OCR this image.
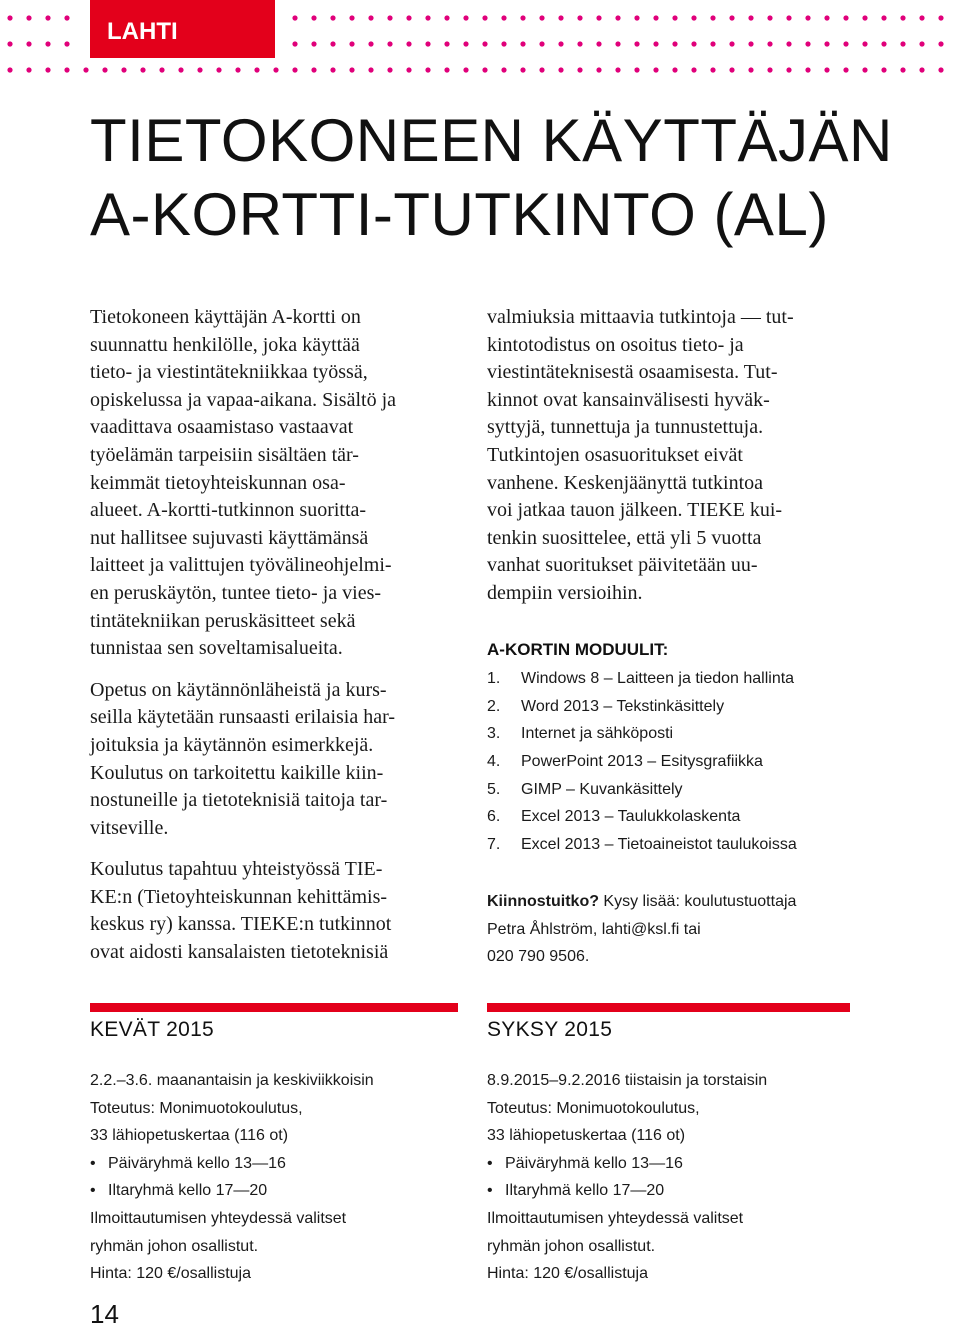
LAHTI
TIETOKONEEN KÄYTTÄJÄN
A-KORTTI-TUTKINTO (AL)

Tietokoneen käyttäjän A-kortti on
suunnattu henkilölle, joka käyttää
tieto- ja viestintätekniikkaa työssä,
opiskelussa ja vapaa-aikana. Sisältö ja
vaadittava osaamistaso vastaavat
työelämän tarpeisiin sisältäen tär-
keimmät tietoyhteiskunnan osa-
alueet. A-kortti-tutkinnon suoritta-
nut hallitsee sujuvasti käyttämänsä
laitteet ja valittujen työvälineohjelmi-
en peruskäytön, tuntee tieto- ja vies-
tintätekniikan peruskäsitteet sekä
tunnistaa sen soveltamisalueita.

Opetus on käytännönläheistä ja kurs-
seilla käytetään runsaasti erilaisia har-
joituksia ja käytännön esimerkkejä.
Koulutus on tarkoitettu kaikille kiin-
nostuneille ja tietoteknisiä taitoja tar-
vitseville.

Koulutus tapahtuu yhteistyössä TIE-
KE:n (Tietoyhteiskunnan kehittämis-
keskus ry) kanssa. TIEKE:n tutkinnot
ovat aidosti kansalaisten tietoteknisiä

valmiuksia mittaavia tutkintoja — tut-
kintotodistus on osoitus tieto- ja
viestintäteknisestä osaamisesta. Tut-
kinnot ovat kansainvälisesti hyväk-
syttyjä, tunnettuja ja tunnustettuja.
Tutkintojen osasuoritukset eivät
vanhene. Keskenjäänyttä tutkintoa
voi jatkaa tauon jälkeen. TIEKE kui-
tenkin suosittelee, että yli 5 vuotta
vanhat suoritukset päivitetään uu-
dempiin versioihin.

A-KORTIN MODUULIT:
1. Windows 8 – Laitteen ja tiedon hallinta
2. Word 2013 – Tekstinkäsittely
3. Internet ja sähköposti
4. PowerPoint 2013 – Esitysgrafiikka
5. GIMP – Kuvankäsittely
6. Excel 2013 – Taulukkolaskenta
7. Excel 2013 – Tietoaineistot taulukoissa
Kiinnostuitko? Kysy lisää: koulutustuottaja
Petra Åhlström, lahti@ksl.fi tai
020 790 9506.
KEVÄT 2015	SYKSY 2015
2.2.–3.6. maanantaisin ja keskiviikkoisin
Toteutus: Monimuotokoulutus,
33 lähiopetuskertaa (116 ot)
• Päiväryhmä kello 13—16
• Iltaryhmä kello 17—20
Ilmoittautumisen yhteydessä valitset
ryhmän johon osallistut.
Hinta: 120 €/osallistuja
8.9.2015–9.2.2016 tiistaisin ja torstaisin
Toteutus: Monimuotokoulutus,
33 lähiopetuskertaa (116 ot)
• Päiväryhmä kello 13—16
• Iltaryhmä kello 17—20
Ilmoittautumisen yhteydessä valitset
ryhmän johon osallistut.
Hinta: 120 €/osallistuja
14
